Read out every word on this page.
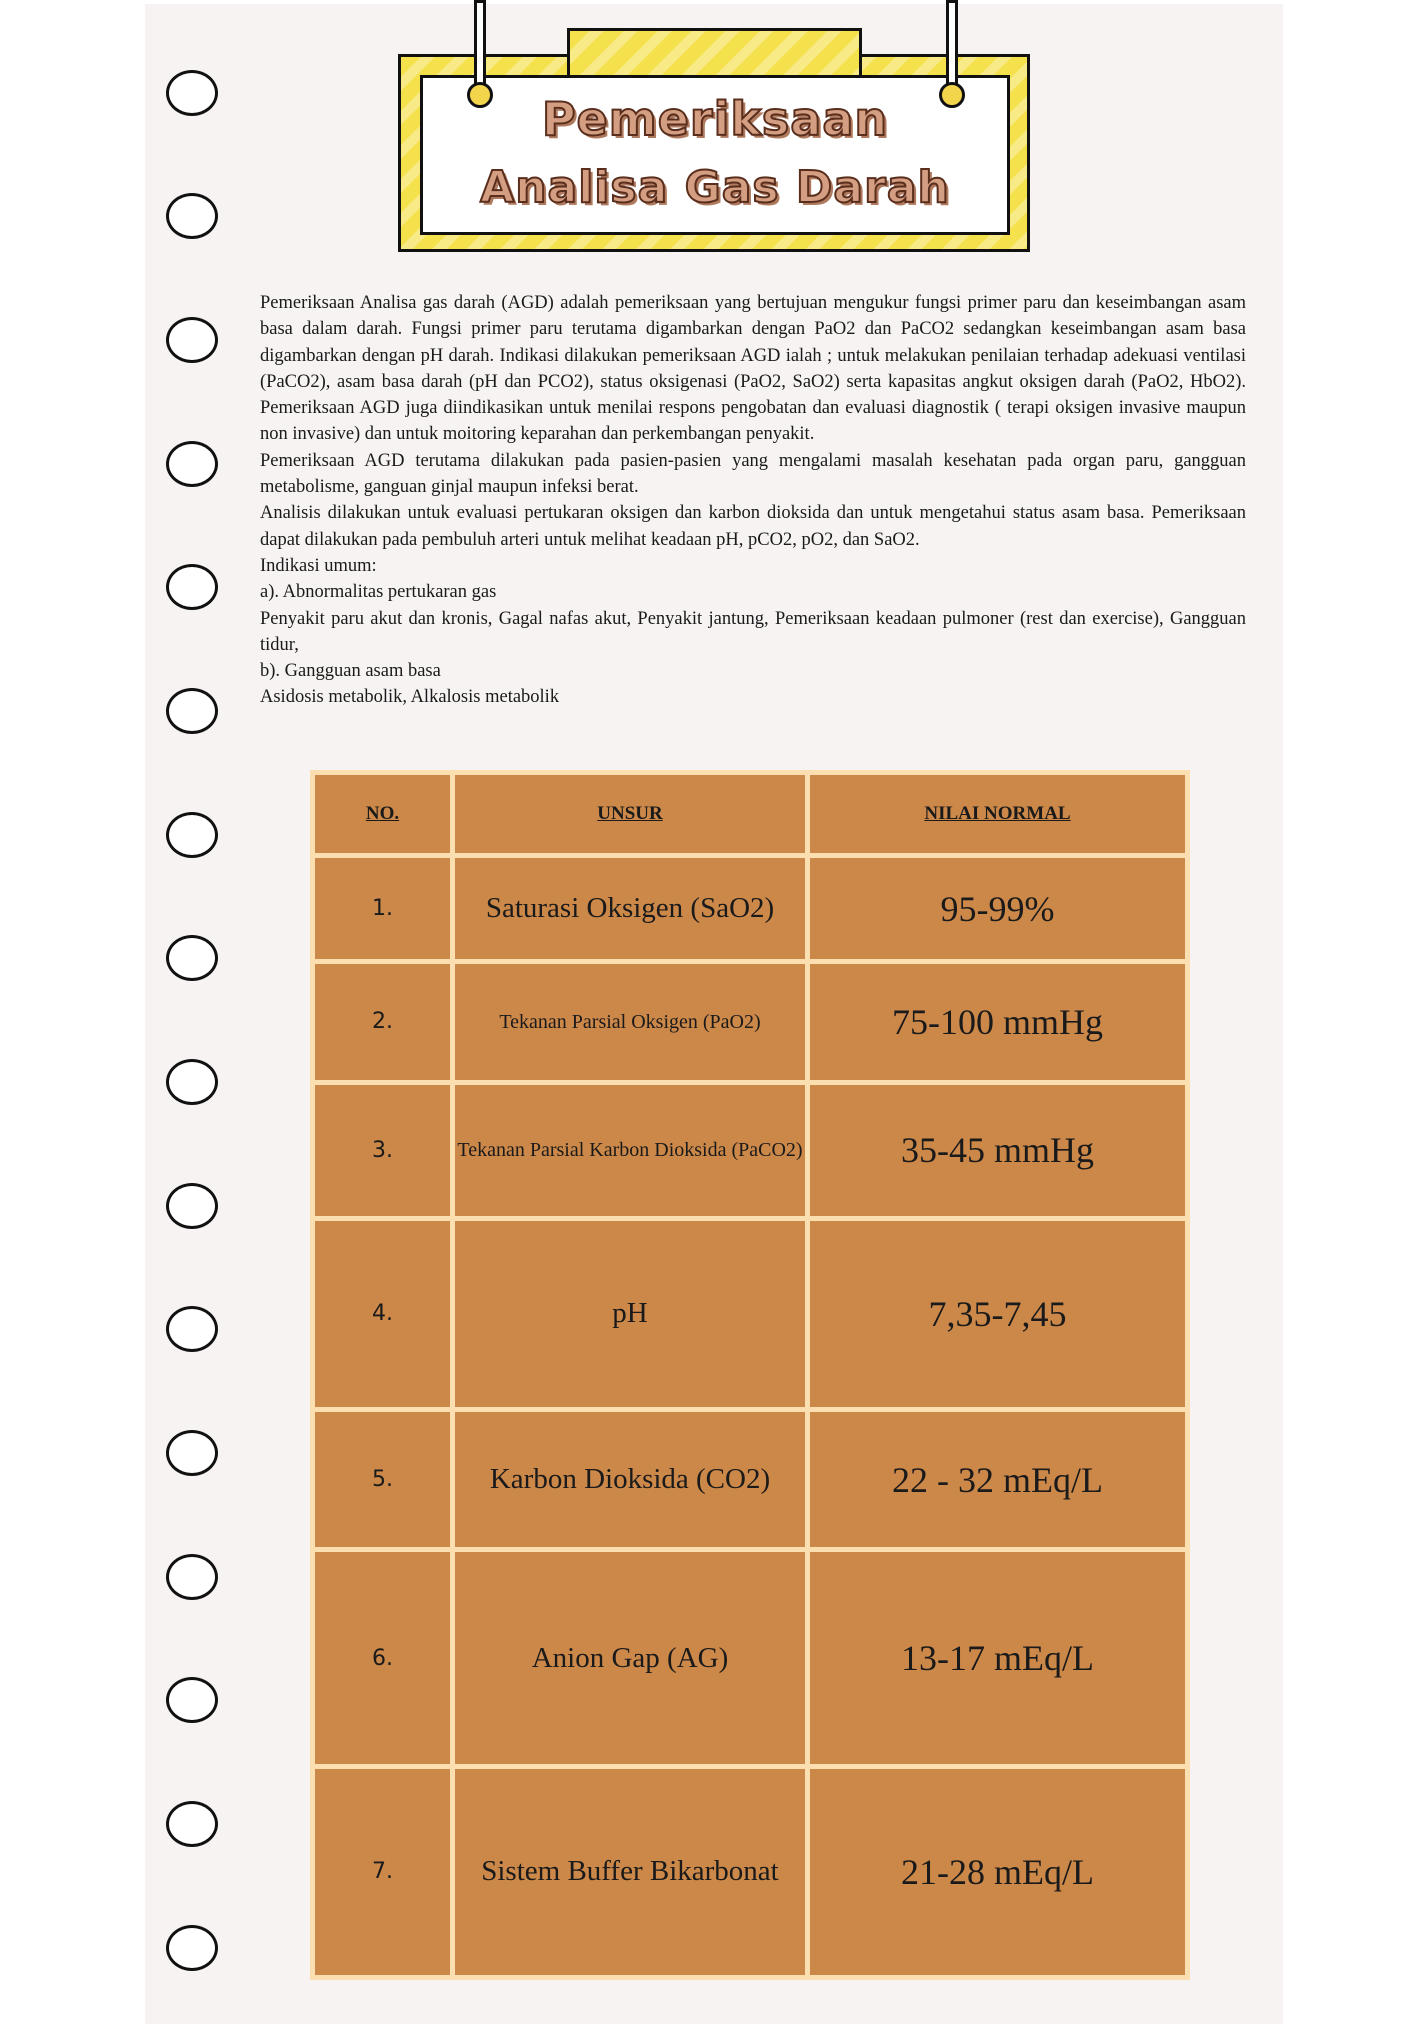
Pemeriksaan
Analisa Gas Darah

Pemeriksaan Analisa gas darah (AGD) adalah pemeriksaan yang bertujuan mengukur fungsi primer paru dan keseimbangan asam basa dalam darah. Fungsi primer paru terutama digambarkan dengan PaO2 dan PaCO2 sedangkan keseimbangan asam basa digambarkan dengan pH darah. Indikasi dilakukan pemeriksaan AGD ialah ; untuk melakukan penilaian terhadap adekuasi ventilasi (PaCO2), asam basa darah (pH dan PCO2), status oksigenasi (PaO2, SaO2) serta kapasitas angkut oksigen darah (PaO2, HbO2). Pemeriksaan AGD juga diindikasikan untuk menilai respons pengobatan dan evaluasi diagnostik ( terapi oksigen invasive maupun non invasive) dan untuk moitoring keparahan dan perkembangan penyakit.

Pemeriksaan AGD terutama dilakukan pada pasien-pasien yang mengalami masalah kesehatan pada organ paru, gangguan metabolisme, ganguan ginjal maupun infeksi berat.

Analisis dilakukan untuk evaluasi pertukaran oksigen dan karbon dioksida dan untuk mengetahui status asam basa. Pemeriksaan dapat dilakukan pada pembuluh arteri untuk melihat keadaan pH, pCO2, pO2, dan SaO2.

Indikasi umum:

a). Abnormalitas pertukaran gas

Penyakit paru akut dan kronis, Gagal nafas akut, Penyakit jantung, Pemeriksaan keadaan pulmoner (rest dan exercise), Gangguan tidur,

b). Gangguan asam basa

Asidosis metabolik, Alkalosis metabolik

NO.	UNSUR	NILAI NORMAL
1.	Saturasi Oksigen (SaO2)	95-99%
2.	Tekanan Parsial Oksigen (PaO2)	75-100 mmHg
3.	Tekanan Parsial Karbon Dioksida (PaCO2)	35-45 mmHg
4.	pH	7,35-7,45
5.	Karbon Dioksida (CO2)	22 - 32 mEq/L
6.	Anion Gap (AG)	13-17 mEq/L
7.	Sistem Buffer Bikarbonat	21-28 mEq/L
